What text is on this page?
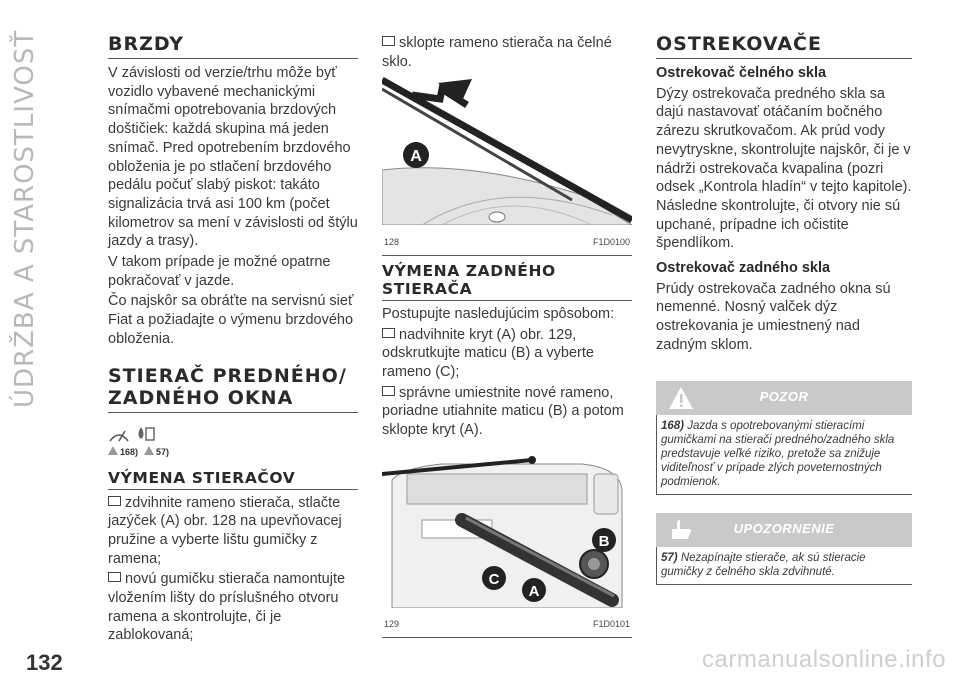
ÚDRŽBA A STAROSTLIVOSŤ	BRZDY

V závislosti od verzie/trhu môže byť vozidlo vybavené mechanickými snímačmi opotrebovania brzdových doštičiek: každá skupina má jeden snímač. Pred opotrebením brzdového obloženia je po stlačení brzdového pedálu počuť slabý piskot: takáto signalizácia trvá asi 100 km (počet kilometrov sa mení v závislosti od štýlu jazdy a trasy).

V takom prípade je možné opatrne pokračovať v jazde.

Čo najskôr sa obráťte na servisnú sieť Fiat a požiadajte o výmenu brzdového obloženia.

STIERAČ PREDNÉHO/ ZADNÉHO OKNA
168)	57)
VÝMENA STIERAČOV

zdvihnite rameno stierača, stlačte jazýček (A) obr. 128 na upevňovacej pružine a vyberte lištu gumičky z ramena;

novú gumičku stierača namontujte vložením lišty do príslušného otvoru ramena a skontrolujte, či je zablokovaná;

sklopte rameno stierača na čelné sklo.

A
128	F1D0100
VÝMENA ZADNÉHO STIERAČA

Postupujte nasledujúcim spôsobom:

nadvihnite kryt (A) obr. 129, odskrutkujte maticu (B) a vyberte rameno (C);

správne umiestnite nové rameno, poriadne utiahnite maticu (B) a potom sklopte kryt (A).

B
C
A
129	F1D0101
OSTREKOVAČE
Ostrekovač čelného skla

Dýzy ostrekovača predného skla sa dajú nastavovať otáčaním bočného zárezu skrutkovačom. Ak prúd vody nevytryskne, skontrolujte najskôr, či je v nádrži ostrekovača kvapalina (pozri odsek „Kontrola hladín“ v tejto kapitole). Následne skontrolujte, či otvory nie sú upchané, prípadne ich očistite špendlíkom.

Ostrekovač zadného skla

Prúdy ostrekovača zadného okna sú nemenné. Nosný valček dýz ostrekovania je umiestnený nad zadným sklom.

POZOR
168) Jazda s opotrebovanými stieracími gumičkami na stierači predného/zadného skla predstavuje veľké riziko, pretože sa znižuje viditeľnosť v prípade zlých poveternostných podmienok.
UPOZORNENIE
57) Nezapínajte stierače, ak sú stieracie gumičky z čelného skla zdvihnuté.
132	carmanualsonline.info
